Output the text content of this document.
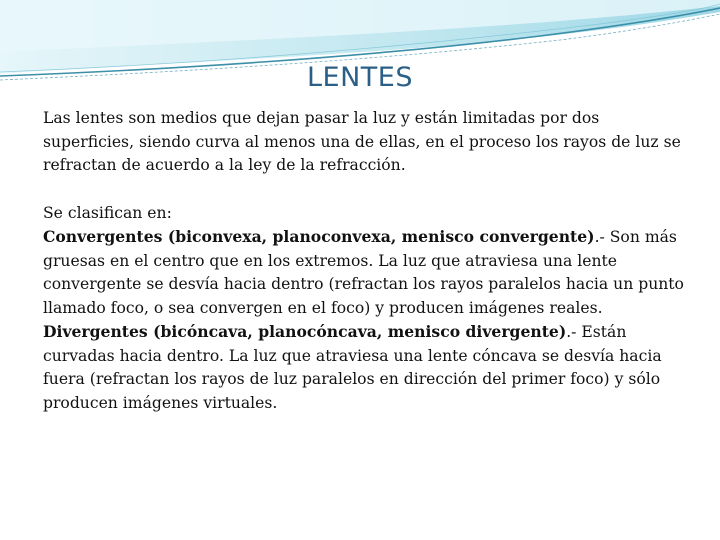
LENTES

Las lentes son medios que dejan pasar la luz y están limitadas por dos superficies, siendo curva al menos una de ellas, en el proceso los rayos de luz se refractan de acuerdo a la ley de la refracción.

Se clasifican en:

Convergentes (biconvexa, planoconvexa, menisco convergente).- Son más gruesas en el centro que en los extremos. La luz que atraviesa una lente convergente se desvía hacia dentro (refractan los rayos paralelos hacia un punto llamado foco, o sea convergen en el foco) y producen imágenes reales.

Divergentes (bicóncava, planocóncava, menisco divergente).- Están curvadas hacia dentro. La luz que atraviesa una lente cóncava se desvía hacia fuera (refractan los rayos de luz paralelos en dirección del primer foco) y sólo producen imágenes virtuales.
